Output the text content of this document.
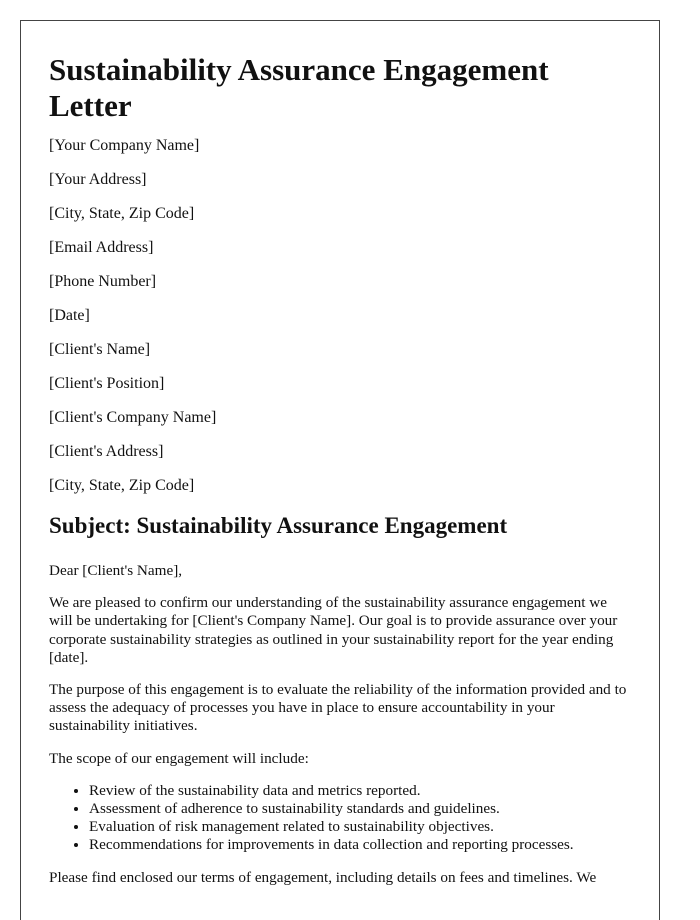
Sustainability Assurance Engagement Letter

[Your Company Name]

[Your Address]

[City, State, Zip Code]

[Email Address]

[Phone Number]

[Date]

[Client's Name]

[Client's Position]

[Client's Company Name]

[Client's Address]

[City, State, Zip Code]

Subject: Sustainability Assurance Engagement

Dear [Client's Name],

We are pleased to confirm our understanding of the sustainability assurance engagement we will be undertaking for [Client's Company Name]. Our goal is to provide assurance over your corporate sustainability strategies as outlined in your sustainability report for the year ending [date].

The purpose of this engagement is to evaluate the reliability of the information provided and to assess the adequacy of processes you have in place to ensure accountability in your sustainability initiatives.

The scope of our engagement will include:

• Review of the sustainability data and metrics reported.
• Assessment of adherence to sustainability standards and guidelines.
• Evaluation of risk management related to sustainability objectives.
• Recommendations for improvements in data collection and reporting processes.

Please find enclosed our terms of engagement, including details on fees and timelines. We
